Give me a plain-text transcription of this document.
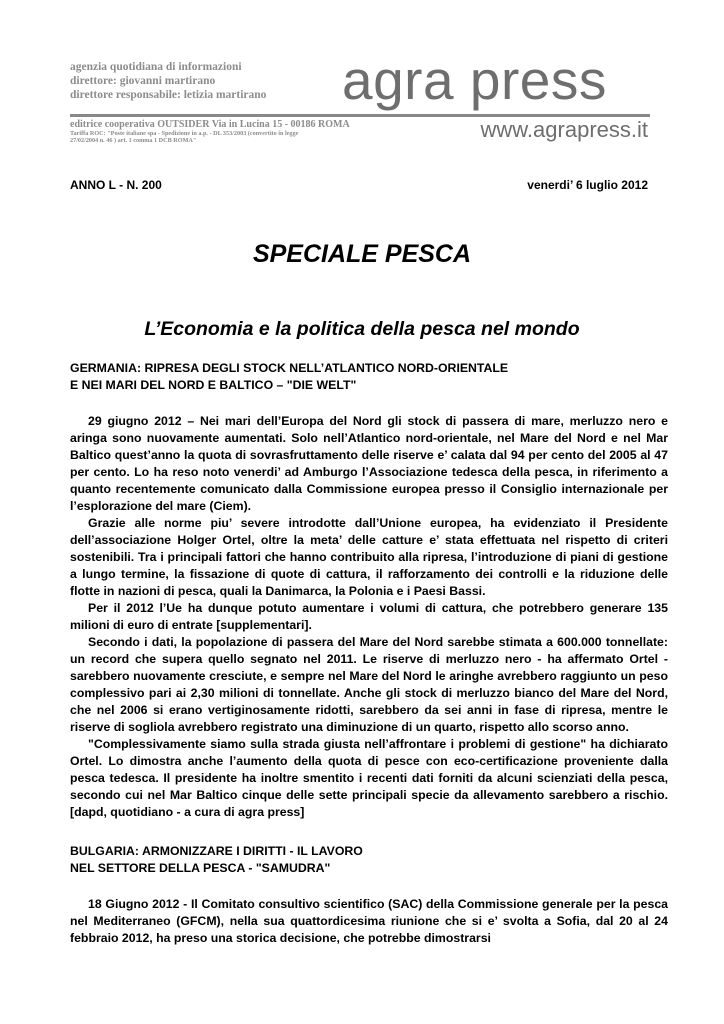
agenzia quotidiana di informazioni
direttore: giovanni martirano
direttore responsabile: letizia martirano	agra press
editrice cooperativa OUTSIDER Via in Lucina 15 - 00186 ROMA
Tariffa ROC: "Poste italiane spa - Spedizione in a.p. - DL 353/2003 (convertito in legge
27/02/2004 n. 46 ) art. 1 comma 1 DCB ROMA"	www.agrapress.it
ANNO L - N. 200	venerdi’ 6 luglio 2012
SPECIALE PESCA
L’Economia e la politica della pesca nel mondo
GERMANIA: RIPRESA DEGLI STOCK NELL’ATLANTICO NORD-ORIENTALE
E NEI MARI DEL NORD E BALTICO – "DIE WELT"

29 giugno 2012 – Nei mari dell’Europa del Nord gli stock di passera di mare, merluzzo nero e aringa sono nuovamente aumentati. Solo nell’Atlantico nord-orientale, nel Mare del Nord e nel Mar Baltico quest’anno la quota di sovrasfruttamento delle riserve e’ calata dal 94 per cento del 2005 al 47 per cento. Lo ha reso noto venerdi’ ad Amburgo l’Associazione tedesca della pesca, in riferimento a quanto recentemente comunicato dalla Commissione europea presso il Consiglio internazionale per l’esplorazione del mare (Ciem).

Grazie alle norme piu’ severe introdotte dall’Unione europea, ha evidenziato il Presidente dell’associazione Holger Ortel, oltre la meta’ delle catture e’ stata effettuata nel rispetto di criteri sostenibili. Tra i principali fattori che hanno contribuito alla ripresa, l’introduzione di piani di gestione a lungo termine, la fissazione di quote di cattura, il rafforzamento dei controlli e la riduzione delle flotte in nazioni di pesca, quali la Danimarca, la Polonia e i Paesi Bassi.

Per il 2012 l’Ue ha dunque potuto aumentare i volumi di cattura, che potrebbero generare 135 milioni di euro di entrate [supplementari].

Secondo i dati, la popolazione di passera del Mare del Nord sarebbe stimata a 600.000 tonnellate: un record che supera quello segnato nel 2011. Le riserve di merluzzo nero - ha affermato Ortel - sarebbero nuovamente cresciute, e sempre nel Mare del Nord le aringhe avrebbero raggiunto un peso complessivo pari ai 2,30 milioni di tonnellate. Anche gli stock di merluzzo bianco del Mare del Nord, che nel 2006 si erano vertiginosamente ridotti, sarebbero da sei anni in fase di ripresa, mentre le riserve di sogliola avrebbero registrato una diminuzione di un quarto, rispetto allo scorso anno.

"Complessivamente siamo sulla strada giusta nell’affrontare i problemi di gestione" ha dichiarato Ortel. Lo dimostra anche l’aumento della quota di pesce con eco-certificazione proveniente dalla pesca tedesca. Il presidente ha inoltre smentito i recenti dati forniti da alcuni scienziati della pesca, secondo cui nel Mar Baltico cinque delle sette principali specie da allevamento sarebbero a rischio. [dapd, quotidiano - a cura di agra press]

BULGARIA: ARMONIZZARE I DIRITTI - IL LAVORO
NEL SETTORE DELLA PESCA - "SAMUDRA"

18 Giugno 2012 - Il Comitato consultivo scientifico (SAC) della Commissione generale per la pesca nel Mediterraneo (GFCM), nella sua quattordicesima riunione che si e’ svolta a Sofia, dal 20 al 24 febbraio 2012, ha preso una storica decisione, che potrebbe dimostrarsi
